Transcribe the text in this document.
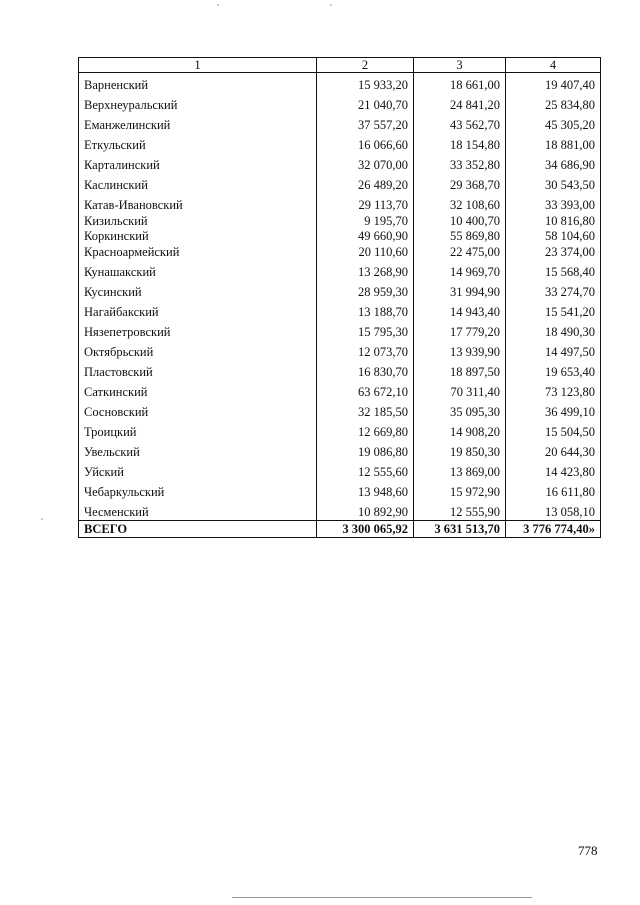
1	2	3	4
Варненский	15 933,20	18 661,00	19 407,40
Верхнеуральский	21 040,70	24 841,20	25 834,80
Еманжелинский	37 557,20	43 562,70	45 305,20
Еткульский	16 066,60	18 154,80	18 881,00
Карталинский	32 070,00	33 352,80	34 686,90
Каслинский	26 489,20	29 368,70	30 543,50
Катав-Ивановский	29 113,70	32 108,60	33 393,00
Кизильский	9 195,70	10 400,70	10 816,80
Коркинский	49 660,90	55 869,80	58 104,60
Красноармейский	20 110,60	22 475,00	23 374,00
Кунашакский	13 268,90	14 969,70	15 568,40
Кусинский	28 959,30	31 994,90	33 274,70
Нагайбакский	13 188,70	14 943,40	15 541,20
Нязепетровский	15 795,30	17 779,20	18 490,30
Октябрьский	12 073,70	13 939,90	14 497,50
Пластовский	16 830,70	18 897,50	19 653,40
Саткинский	63 672,10	70 311,40	73 123,80
Сосновский	32 185,50	35 095,30	36 499,10
Троицкий	12 669,80	14 908,20	15 504,50
Увельский	19 086,80	19 850,30	20 644,30
Уйский	12 555,60	13 869,00	14 423,80
Чебаркульский	13 948,60	15 972,90	16 611,80
Чесменский	10 892,90	12 555,90	13 058,10
ВСЕГО	3 300 065,92	3 631 513,70	3 776 774,40»
778
